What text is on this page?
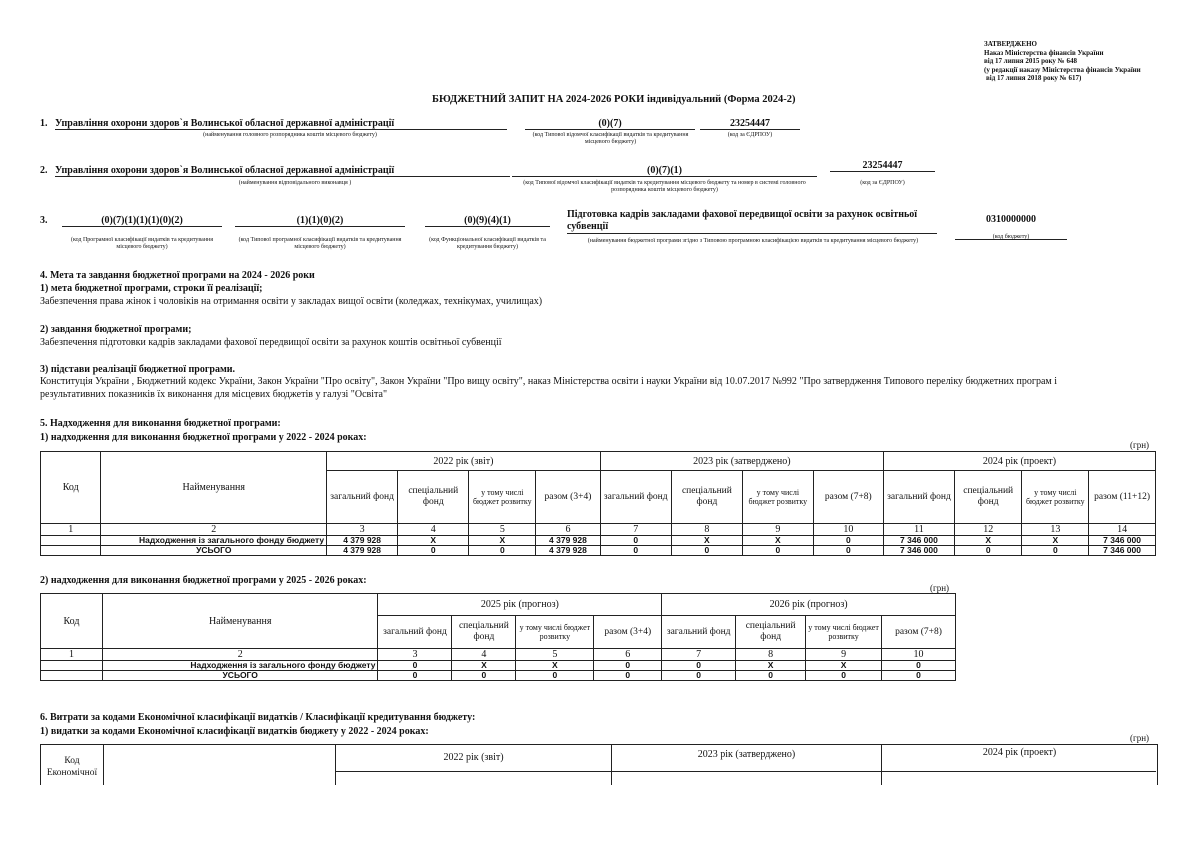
ЗАТВЕРДЖЕНО
Наказ Міністерства фінансів України
від 17 липня 2015 року № 648
(у редакції наказу Міністерства фінансів України
від 17 липня 2018 року № 617)
БЮДЖЕТНИЙ ЗАПИТ НА 2024-2026 РОКИ індивідуальний (Форма 2024-2)
1. Управління охорони здоров`я Волинської обласної державної адміністрації
(найменування головного розпорядника коштів місцевого бюджету)
(0)(7)
(код Типової відомчої класифікації видатків та кредитування місцевого бюджету)
23254447
(код за ЄДРПОУ)
2. Управління охорони здоров`я Волинської обласної державної адміністрації
(найменування відповідального виконавця )
(0)(7)(1)
(код Типової відомчої класифікації видатків та кредитування місцевого бюджету та номер в системі головного розпорядника коштів місцевого бюджету)
23254447
(код за ЄДРПОУ)
3.	(0)(7)(1)(1)(1)(0)(2)
(код Програмної класифікації видатків та кредитування місцевого бюджету)
(1)(1)(0)(2)
(код Типової програмної класифікації видатків та кредитування місцевого бюджету)
(0)(9)(4)(1)
(код Функціональної класифікації видатків та кредитування бюджету)
Підготовка кадрів закладами фахової передвищої освіти за рахунок освітньої субвенції
(найменування бюджетної програми згідно з Типовою програмною класифікацією видатків та кредитування місцевого бюджету)
0310000000
(код бюджету)
4. Мета та завдання бюджетної програми на 2024 - 2026 роки
1) мета бюджетної програми, строки її реалізації;
Забезпечення права жінок і чоловіків на отримання освіти у закладах вищої освіти (коледжах, технікумах, училищах)
2) завдання бюджетної програми;
Забезпечення підготовки кадрів закладами фахової передвищої освіти за рахунок коштів освітньої субвенції
3) підстави реалізації бюджетної програми.
Конституція України , Бюджетний кодекс України, Закон України "Про освіту", Закон України "Про вищу освіту", наказ Міністерства освіти і науки України від 10.07.2017 №992 "Про затвердження Типового переліку бюджетних програм і
результативних показників їх виконання для місцевих бюджетів у галузі "Освіта"
5. Надходження для виконання бюджетної програми:
1) надходження для виконання бюджетної програми у 2022 - 2024 роках:
(грн)
Код	Найменування	2022 рік (звіт)				2023 рік (затверджено)				2024 рік (проект)			
		загальний фонд	спеціальний фонд	у тому числі бюджет розвитку	разом (3+4)	загальний фонд	спеціальний фонд	у тому числі бюджет розвитку	разом (7+8)	загальний фонд	спеціальний фонд	у тому числі бюджет розвитку	разом (11+12)
1	2	3	4	5	6	7	8	9	10	11	12	13	14
	Надходження із загального фонду бюджету	4 379 928	X	X	4 379 928	0	X	X	0	7 346 000	X	X	7 346 000
	УСЬОГО	4 379 928	0	0	4 379 928	0	0	0	0	7 346 000	0	0	7 346 000
2) надходження для виконання бюджетної програми у 2025 - 2026 роках:
(грн)
Код	Найменування	2025 рік (прогноз)				2026 рік (прогноз)			
		загальний фонд	спеціальний фонд	у тому числі бюджет розвитку	разом (3+4)	загальний фонд	спеціальний фонд	у тому числі бюджет розвитку	разом (7+8)
1	2	3	4	5	6	7	8	9	10
	Надходження із загального фонду бюджету	0	X	X	0	0	X	X	0
	УСЬОГО	0	0	0	0	0	0	0	0
6. Витрати за кодами Економічної класифікації видатків / Класифікації кредитування бюджету:
1) видатки за кодами Економічної класифікації видатків бюджету у 2022 - 2024 роках:
(грн)
Код Економічної
2022 рік (звіт)	2023 рік (затверджено)	2024 рік (проект)
